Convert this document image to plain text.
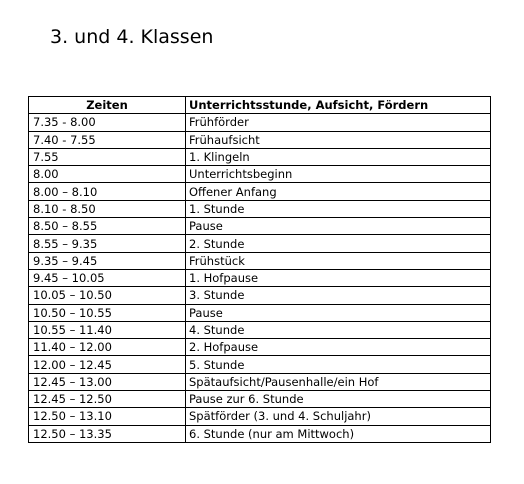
3. und 4. Klassen
Zeiten	Unterrichtsstunde, Aufsicht, Fördern
7.35 - 8.00	Frühförder
7.40 - 7.55	Frühaufsicht
7.55	1. Klingeln
8.00	Unterrichtsbeginn
8.00 – 8.10	Offener Anfang
8.10 - 8.50	1. Stunde
8.50 – 8.55	Pause
8.55 – 9.35	2. Stunde
9.35 – 9.45	Frühstück
9.45 – 10.05	1. Hofpause
10.05 – 10.50	3. Stunde
10.50 – 10.55	Pause
10.55 – 11.40	4. Stunde
11.40 – 12.00	2. Hofpause
12.00 – 12.45	5. Stunde
12.45 – 13.00	Spätaufsicht/Pausenhalle/ein Hof
12.45 – 12.50	Pause zur 6. Stunde
12.50 – 13.10	Spätförder (3. und 4. Schuljahr)
12.50 – 13.35	6. Stunde (nur am Mittwoch)
